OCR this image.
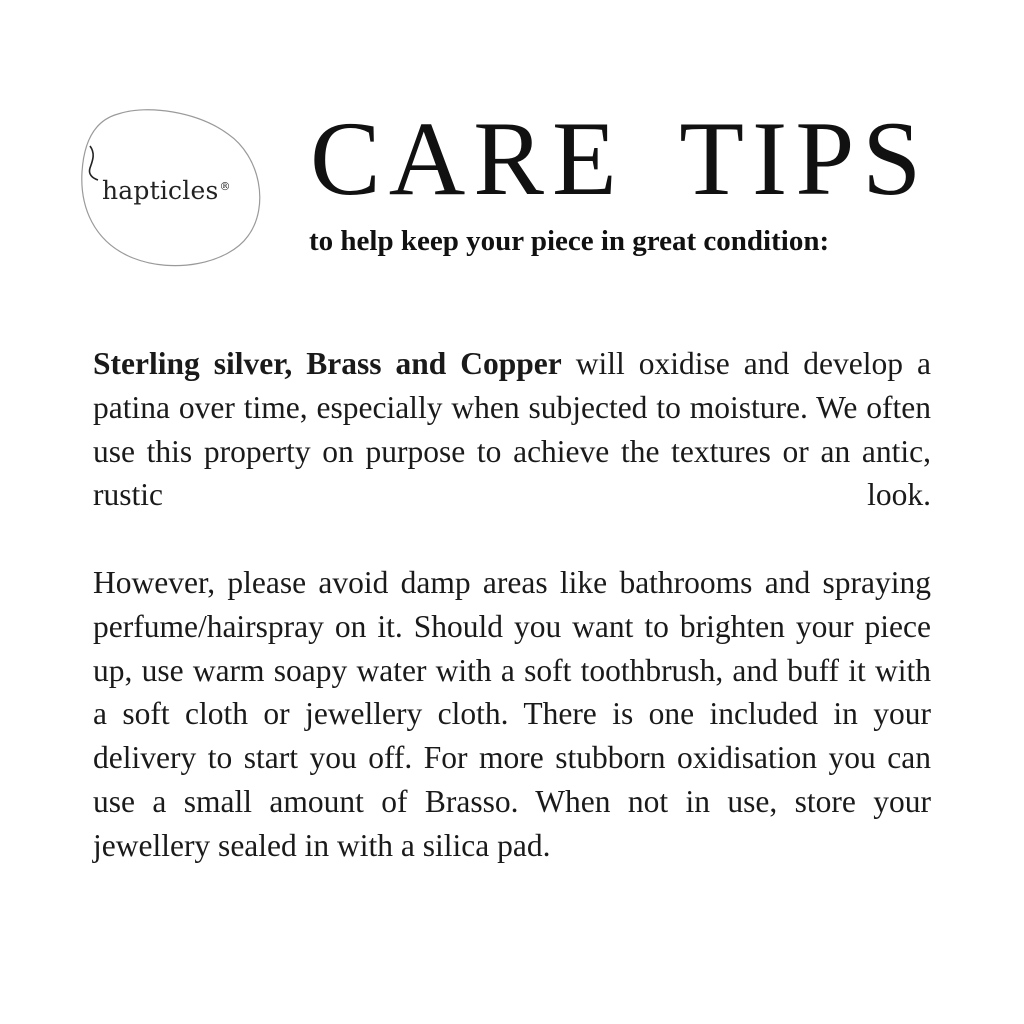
hapticles® CARE TIPS

to help keep your piece in great condition:

Sterling silver, Brass and Copper will oxidise and develop a patina over time, especially when subjected to moisture. We often use this property on purpose to achieve the textures or an antic, rustic look.

However, please avoid damp areas like bathrooms and spraying perfume/hairspray on it. Should you want to brighten your piece up, use warm soapy water with a soft toothbrush, and buff it with a soft cloth or jewellery cloth. There is one included in your delivery to start you off. For more stubborn oxidisation you can use a small amount of Brasso. When not in use, store your jewellery sealed in with a silica pad.
